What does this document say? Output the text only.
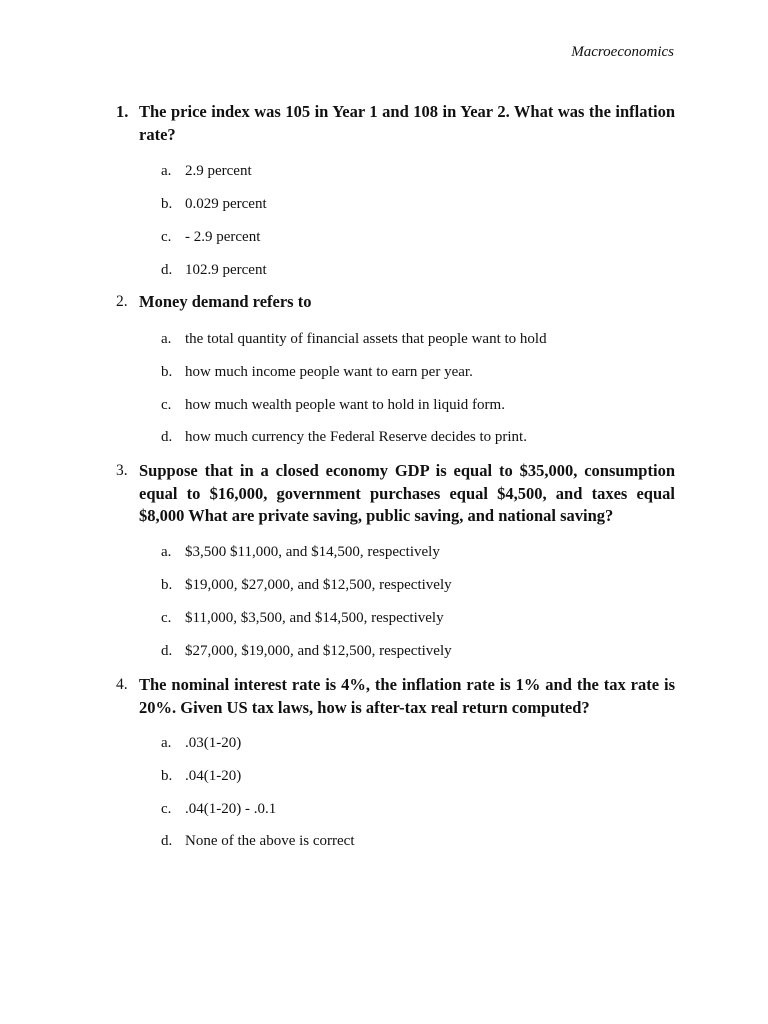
Macroeconomics
1. The price index was 105 in Year 1 and 108 in Year 2. What was the inflation rate?
a. 2.9 percent
b. 0.029 percent
c. - 2.9 percent
d. 102.9 percent
2. Money demand refers to
a. the total quantity of financial assets that people want to hold
b. how much income people want to earn per year.
c. how much wealth people want to hold in liquid form.
d. how much currency the Federal Reserve decides to print.
3. Suppose that in a closed economy GDP is equal to $35,000, consumption equal to $16,000, government purchases equal $4,500, and taxes equal $8,000 What are private saving, public saving, and national saving?
a. $3,500 $11,000, and $14,500, respectively
b. $19,000, $27,000, and $12,500, respectively
c. $11,000, $3,500, and $14,500, respectively
d. $27,000, $19,000, and $12,500, respectively
4. The nominal interest rate is 4%, the inflation rate is 1% and the tax rate is 20%. Given US tax laws, how is after-tax real return computed?
a. .03(1-20)
b. .04(1-20)
c. .04(1-20) - .0.1
d. None of the above is correct
